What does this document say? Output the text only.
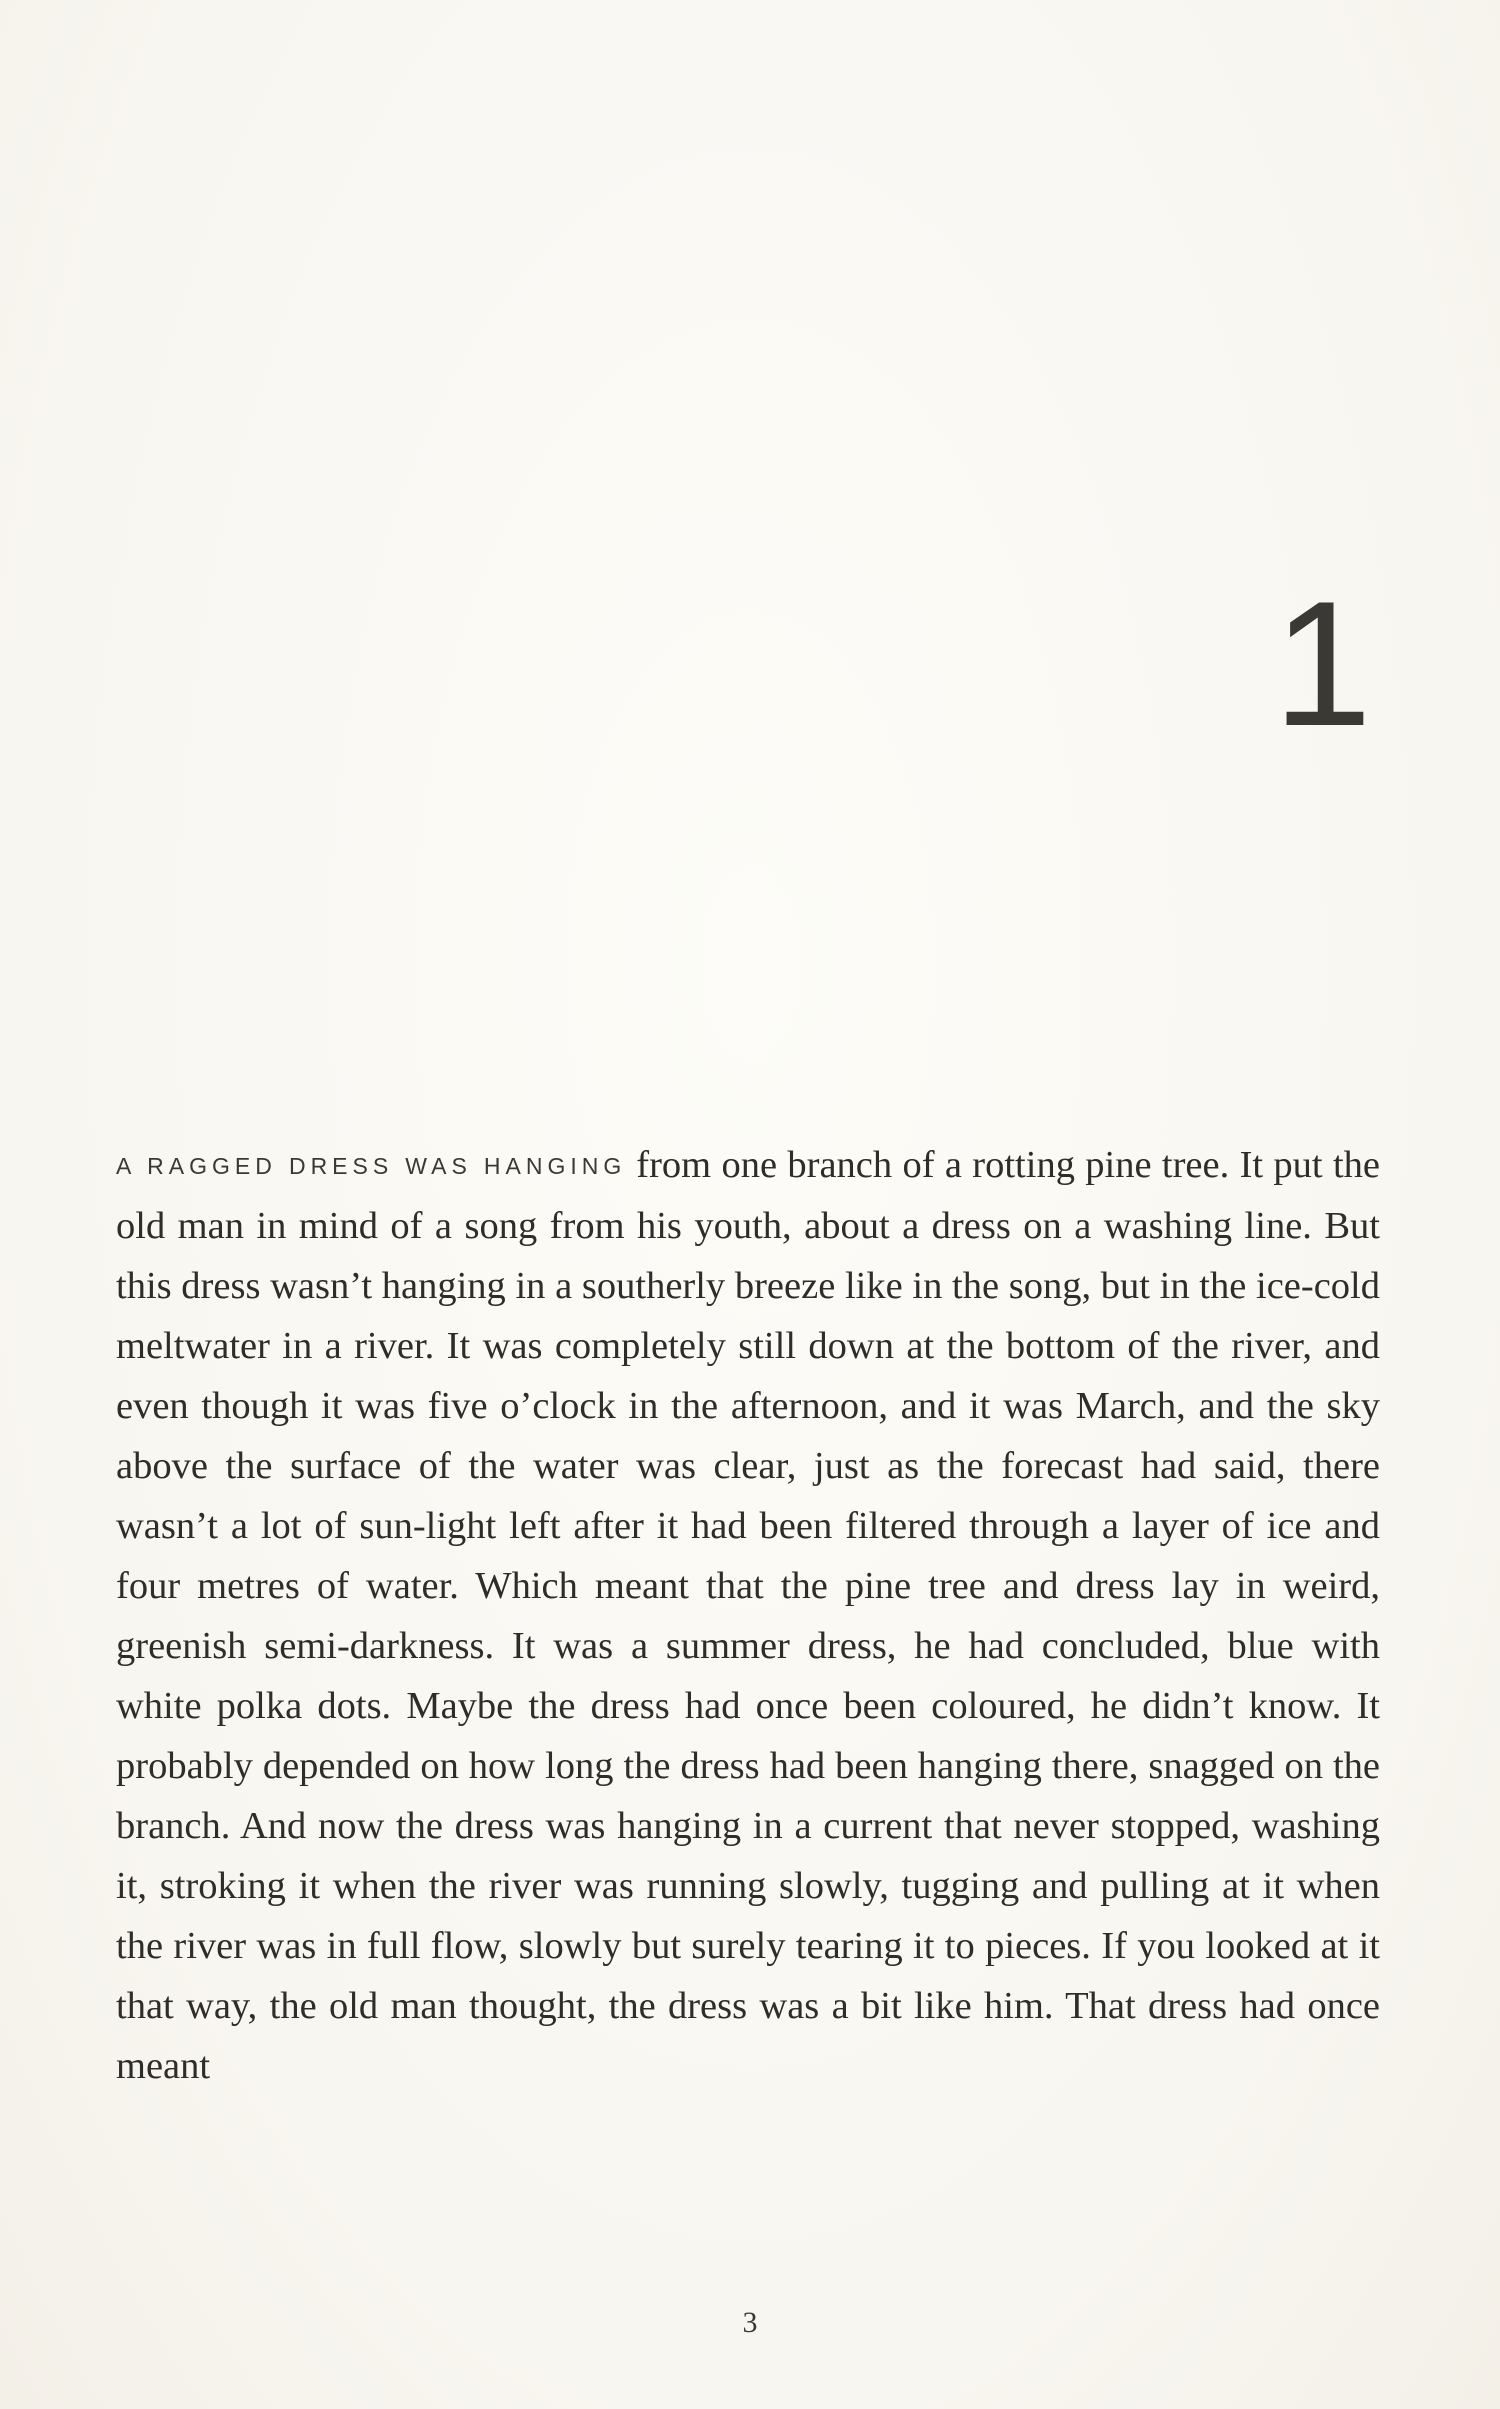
1

A RAGGED DRESS WAS HANGING from one branch of a rotting pine tree. It put the old man in mind of a song from his youth, about a dress on a washing line. But this dress wasn’t hanging in a southerly breeze like in the song, but in the ice-cold meltwater in a river. It was completely still down at the bottom of the river, and even though it was five o’clock in the afternoon, and it was March, and the sky above the surface of the water was clear, just as the forecast had said, there wasn’t a lot of sun-light left after it had been filtered through a layer of ice and four metres of water. Which meant that the pine tree and dress lay in weird, greenish semi-darkness. It was a summer dress, he had concluded, blue with white polka dots. Maybe the dress had once been coloured, he didn’t know. It probably depended on how long the dress had been hanging there, snagged on the branch. And now the dress was hanging in a current that never stopped, washing it, stroking it when the river was running slowly, tugging and pulling at it when the river was in full flow, slowly but surely tearing it to pieces. If you looked at it that way, the old man thought, the dress was a bit like him. That dress had once meant

3
